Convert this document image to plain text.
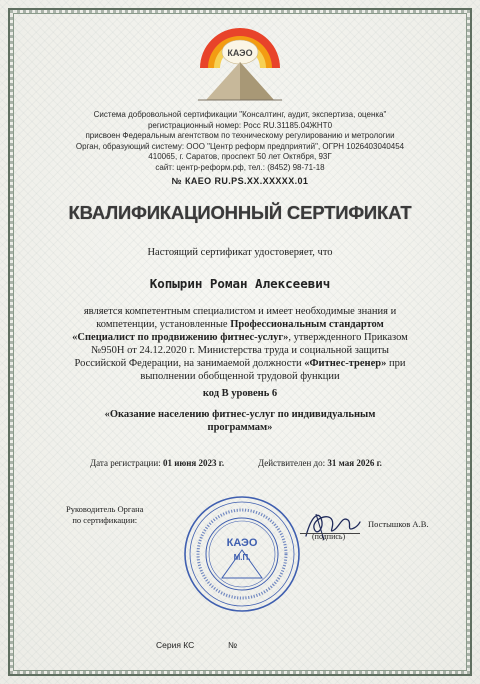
КАЭО
Система добровольной сертификации "Консалтинг, аудит, экспертиза, оценка"
регистрационный номер: Росс RU.31185.04ЖНТ0
присвоен Федеральным агентством по техническому регулированию и метрологии
Орган, образующий систему: ООО "Центр реформ предприятий", ОГРН 1026403040454
410065, г. Саратов, проспект 50 лет Октября, 93Г
сайт: центр-реформ.рф, тел.: (8452) 98-71-18
№ КАЕО RU.PS.XX.XXXXX.01
КВАЛИФИКАЦИОННЫЙ СЕРТИФИКАТ
Настоящий сертификат удостоверяет, что
Копырин Роман Алексеевич
является компетентным специалистом и имеет необходимые знания и
компетенции, установленные Профессиональным стандартом
«Специалист по продвижению фитнес-услуг», утвержденного Приказом
№950Н от 24.12.2020 г. Министерства труда и социальной защиты
Российской Федерации, на занимаемой должности «Фитнес-тренер» при
выполнении обобщенной трудовой функции
код В уровень 6
«Оказание населению фитнес-услуг по индивидуальным
программам»
Дата регистрации: 01 июня 2023 г.	Действителен до: 31 мая 2026 г.
Руководитель Органа
по сертификации:
КАЭО
М.П.
(подпись)
Постышков А.В.
Серия КС	№
